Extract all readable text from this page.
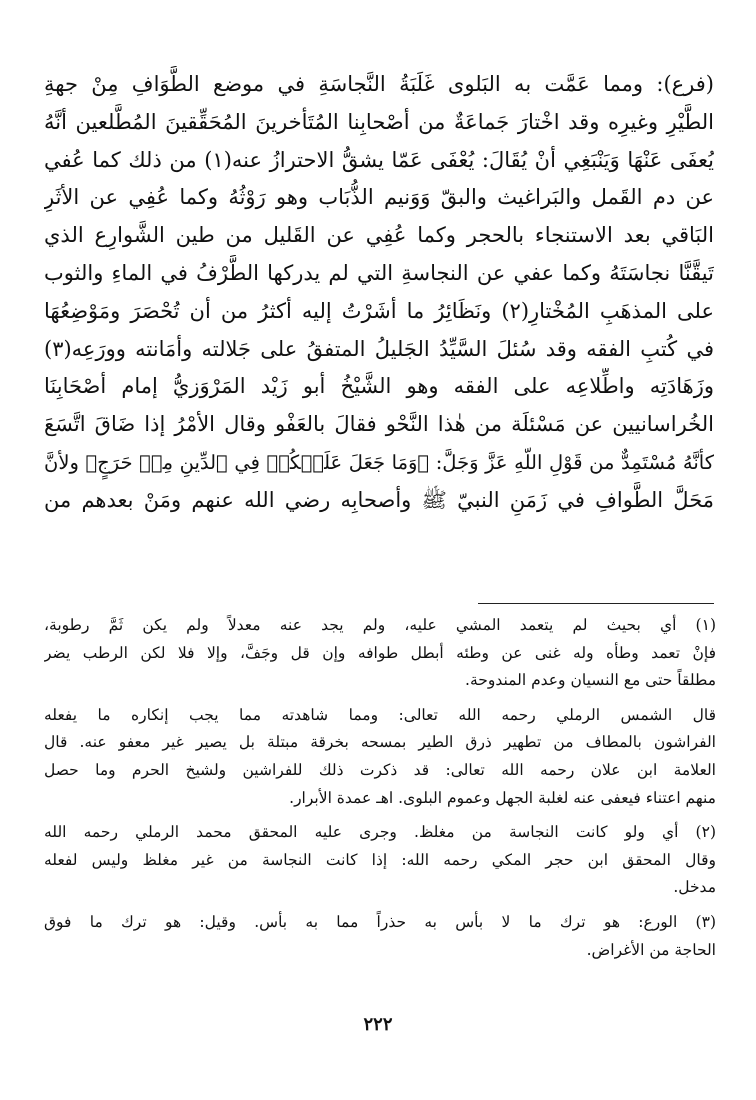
(فرع): ومما عَمَّت به البَلوى غَلَبَةُ النَّجاسَةِ في موضع الطَّوَافِ مِنْ جهةِ
الطَّيْرِ وغيرِه وقد اخْتارَ جَماعَةٌ من أصْحابِنا المُتَأخرينَ المُحَقِّقينَ المُطَّلعين أنَّهُ
يُعفَى عَنْهَا وَيَنْبَغِي أنْ يُقَالَ: يُعْفَى عَمّا يشقُّ الاحترازُ عنه(١) من ذلك كما عُفي
عن دم القَمل والبَراغيث والبقّ وَوَنيم الذُّبَاب وهو رَوْثُهُ وكما عُفِي عن الأثَرِ
البَاقي بعد الاستنجاء بالحجر وكما عُفِي عن القَليل من طين الشَّوارِع الذي
تَيقَّنَّا نجاسَتَهُ وكما عفي عن النجاسةِ التي لم يدركها الطَّرْفُ في الماءِ والثوب
على المذهَبِ المُخْتارِ(٢) ونَظَائِرُ ما أشَرْتُ إليه أكثرُ من أن تُحْصَرَ ومَوْضِعُهَا
في كُتبِ الفقه وقد سُئلَ السَّيِّدُ الجَليلُ المتفقُ على جَلالته وأمَانته وورَعِه(٣)
وزَهَادَتِه واطِّلاعِه على الفقه وهو الشَّيْخُ أبو زَيْد المَرْوَزيُّ إمام أصْحَابِنَا
الخُراسانيين عن مَسْئلَة من هٰذا النَّحْو فقالَ بالعَفْو وقال الأمْرُ إذا ضَاقَ اتَّسَعَ
كأنَّهُ مُسْتَمِدٌّ من قَوْلِ اللّهِ عَزَّ وَجَلَّ: ﴿وَمَا جَعَلَ عَلَيۡكُمۡ فِي ٱلدِّينِ مِنۡ حَرَجٍ﴾ ولأنَّ
مَحَلَّ الطَّوافِ في زَمَنِ النبيّ ﷺ وأصحابِه رضي الله عنهم ومَنْ بعدهم من
(١) أي بحيث لم يتعمد المشي عليه، ولم يجد عنه معدلاً ولم يكن ثَمَّ رطوبة،
فإنْ تعمد وطأه وله غنى عن وطئه أبطل طوافه وإن قل وجَفَّ، وإلا فلا لكن الرطب يضر
مطلقاً حتى مع النسيان وعدم المندوحة.
قال الشمس الرملي رحمه الله تعالى: ومما شاهدته مما يجب إنكاره ما يفعله
الفراشون بالمطاف من تطهير ذرق الطير بمسحه بخرقة مبتلة بل يصير غير معفو عنه. قال
العلامة ابن علان رحمه الله تعالى: قد ذكرت ذلك للفراشين ولشيخ الحرم وما حصل
منهم اعتناء فيعفى عنه لغلبة الجهل وعموم البلوى. اهـ عمدة الأبرار.
(٢) أي ولو كانت النجاسة من مغلظ. وجرى عليه المحقق محمد الرملي رحمه الله
وقال المحقق ابن حجر المكي رحمه الله: إذا كانت النجاسة من غير مغلظ وليس لفعله
مدخل.
(٣) الورع: هو ترك ما لا بأس به حذراً مما به بأس. وقيل: هو ترك ما فوق
الحاجة من الأغراض.
٢٢٢
